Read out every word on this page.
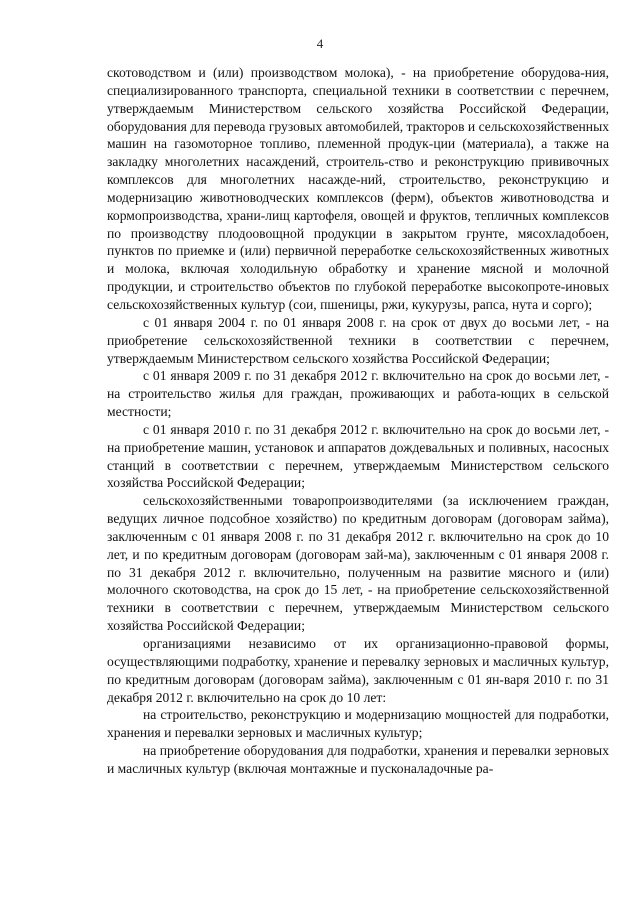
4

скотоводством и (или) производством молока), - на приобретение оборудова-ния, специализированного транспорта, специальной техники в соответствии с перечнем, утверждаемым Министерством сельского хозяйства Российской Федерации, оборудования для перевода грузовых автомобилей, тракторов и сельскохозяйственных машин на газомоторное топливо, племенной продук-ции (материала), а также на закладку многолетних насаждений, строитель-ство и реконструкцию прививочных комплексов для многолетних насажде-ний, строительство, реконструкцию и модернизацию животноводческих комплексов (ферм), объектов животноводства и кормопроизводства, храни-лищ картофеля, овощей и фруктов, тепличных комплексов по производству плодоовощной продукции в закрытом грунте, мясохладобоен, пунктов по приемке и (или) первичной переработке сельскохозяйственных животных и молока, включая холодильную обработку и хранение мясной и молочной продукции, и строительство объектов по глубокой переработке высокопроте-иновых сельскохозяйственных культур (сои, пшеницы, ржи, кукурузы, рапса, нута и сорго);

с 01 января 2004 г. по 01 января 2008 г. на срок от двух до восьми лет, - на приобретение сельскохозяйственной техники в соответствии с перечнем, утверждаемым Министерством сельского хозяйства Российской Федерации;

с 01 января 2009 г. по 31 декабря 2012 г. включительно на срок до восьми лет, - на строительство жилья для граждан, проживающих и работа-ющих в сельской местности;

с 01 января 2010 г. по 31 декабря 2012 г. включительно на срок до восьми лет, - на приобретение машин, установок и аппаратов дождевальных и поливных, насосных станций в соответствии с перечнем, утверждаемым Министерством сельского хозяйства Российской Федерации;

сельскохозяйственными товаропроизводителями (за исключением граждан, ведущих личное подсобное хозяйство) по кредитным договорам (договорам займа), заключенным с 01 января 2008 г. по 31 декабря 2012 г. включительно на срок до 10 лет, и по кредитным договорам (договорам зай-ма), заключенным с 01 января 2008 г. по 31 декабря 2012 г. включительно, полученным на развитие мясного и (или) молочного скотоводства, на срок до 15 лет, - на приобретение сельскохозяйственной техники в соответствии с перечнем, утверждаемым Министерством сельского хозяйства Российской Федерации;

организациями независимо от их организационно-правовой формы, осуществляющими подработку, хранение и перевалку зерновых и масличных культур, по кредитным договорам (договорам займа), заключенным с 01 ян-варя 2010 г. по 31 декабря 2012 г. включительно на срок до 10 лет:

на строительство, реконструкцию и модернизацию мощностей для подработки, хранения и перевалки зерновых и масличных культур;

на приобретение оборудования для подработки, хранения и перевалки зерновых и масличных культур (включая монтажные и пусконаладочные ра-
